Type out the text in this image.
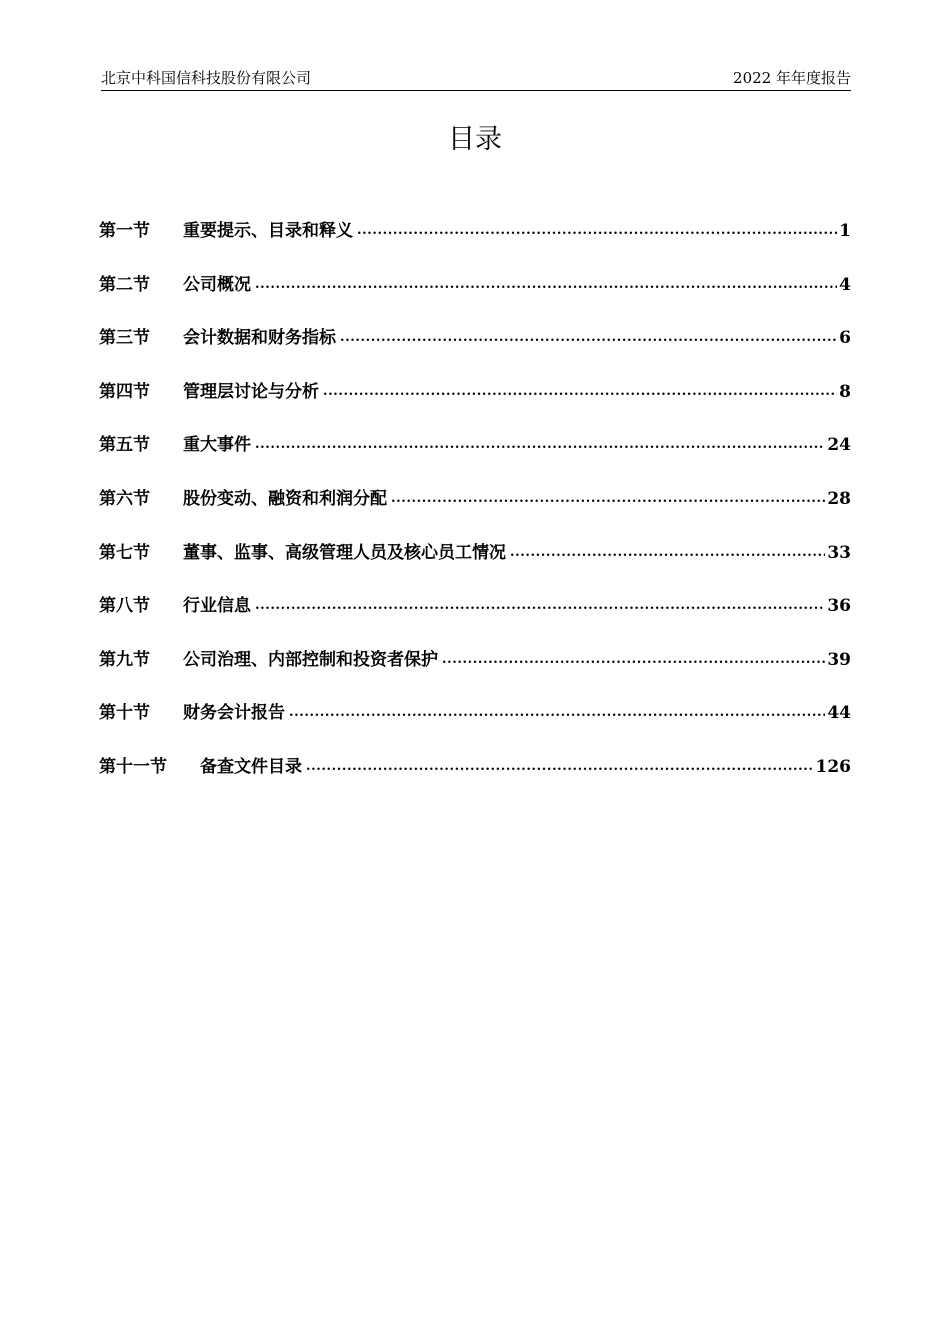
北京中科国信科技股份有限公司	2022 年年度报告
目录
第一节	重要提示、目录和释义 .....	1
第二节	公司概况 .....	4
第三节	会计数据和财务指标 .....	6
第四节	管理层讨论与分析 .....	8
第五节	重大事件 .....	24
第六节	股份变动、融资和利润分配 .....	28
第七节	董事、监事、高级管理人员及核心员工情况 .....	33
第八节	行业信息 .....	36
第九节	公司治理、内部控制和投资者保护 .....	39
第十节	财务会计报告 .....	44
第十一节	备查文件目录 .....	126
